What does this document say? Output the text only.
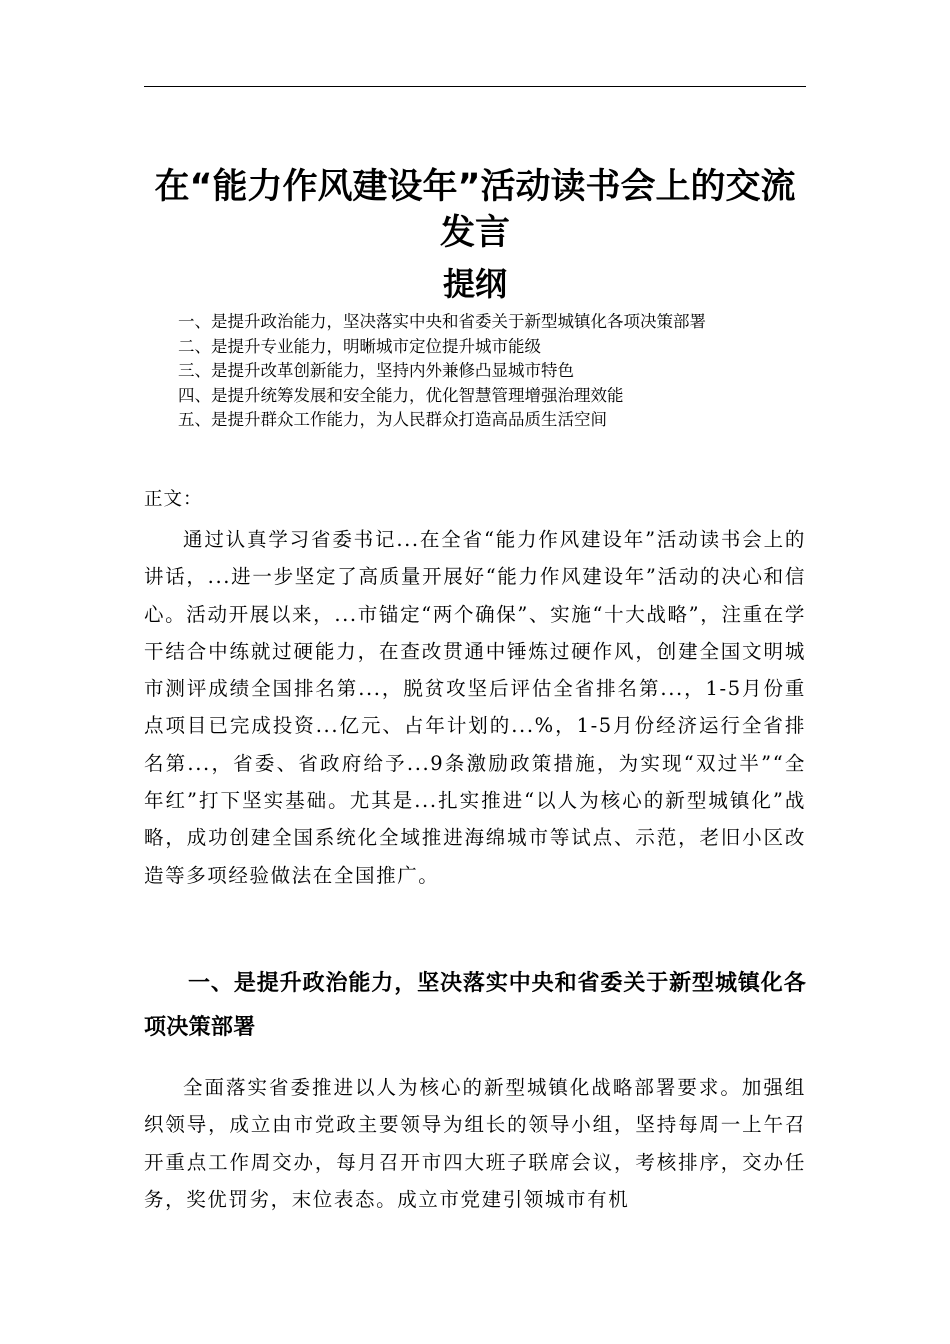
在“能力作风建设年”活动读书会上的交流发言
提纲
一、是提升政治能力，坚决落实中央和省委关于新型城镇化各项决策部署
二、是提升专业能力，明晰城市定位提升城市能级
三、是提升改革创新能力，坚持内外兼修凸显城市特色
四、是提升统筹发展和安全能力，优化智慧管理增强治理效能
五、是提升群众工作能力，为人民群众打造高品质生活空间

正文：

通过认真学习省委书记...在全省“能力作风建设年”活动读书会上的讲话，...进一步坚定了高质量开展好“能力作风建设年”活动的决心和信心。活动开展以来，...市锚定“两个确保”、实施“十大战略”，注重在学干结合中练就过硬能力，在查改贯通中锤炼过硬作风，创建全国文明城市测评成绩全国排名第...，脱贫攻坚后评估全省排名第...，1-5月份重点项目已完成投资...亿元、占年计划的...%，1-5月份经济运行全省排名第...，省委、省政府给予...9条激励政策措施，为实现“双过半”“全年红”打下坚实基础。尤其是...扎实推进“以人为核心的新型城镇化”战略，成功创建全国系统化全域推进海绵城市等试点、示范，老旧小区改造等多项经验做法在全国推广。

一、是提升政治能力，坚决落实中央和省委关于新型城镇化各项决策部署

全面落实省委推进以人为核心的新型城镇化战略部署要求。加强组织领导，成立由市党政主要领导为组长的领导小组，坚持每周一上午召开重点工作周交办，每月召开市四大班子联席会议，考核排序，交办任务，奖优罚劣，末位表态。成立市党建引领城市有机
